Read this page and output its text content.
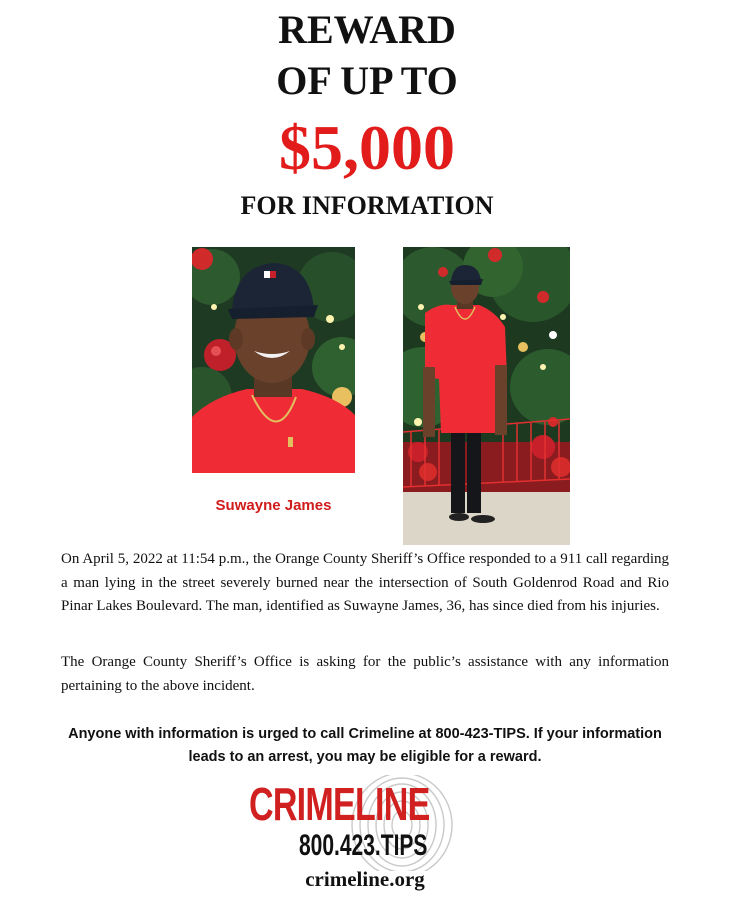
REWARD
OF UP TO
$5,000
FOR INFORMATION
Suwayne James
On April 5, 2022 at 11:54 p.m., the Orange County Sheriff’s Office responded to a 911 call regarding a man lying in the street severely burned near the intersection of South Goldenrod Road and Rio Pinar Lakes Boulevard. The man, identified as Suwayne James, 36, has since died from his injuries.
The Orange County Sheriff’s Office is asking for the public’s assistance with any information pertaining to the above incident.
Anyone with information is urged to call Crimeline at 800-423-TIPS. If your information leads to an arrest, you may be eligible for a reward.
CRIMELINE
800.423.TIPS
crimeline.org
